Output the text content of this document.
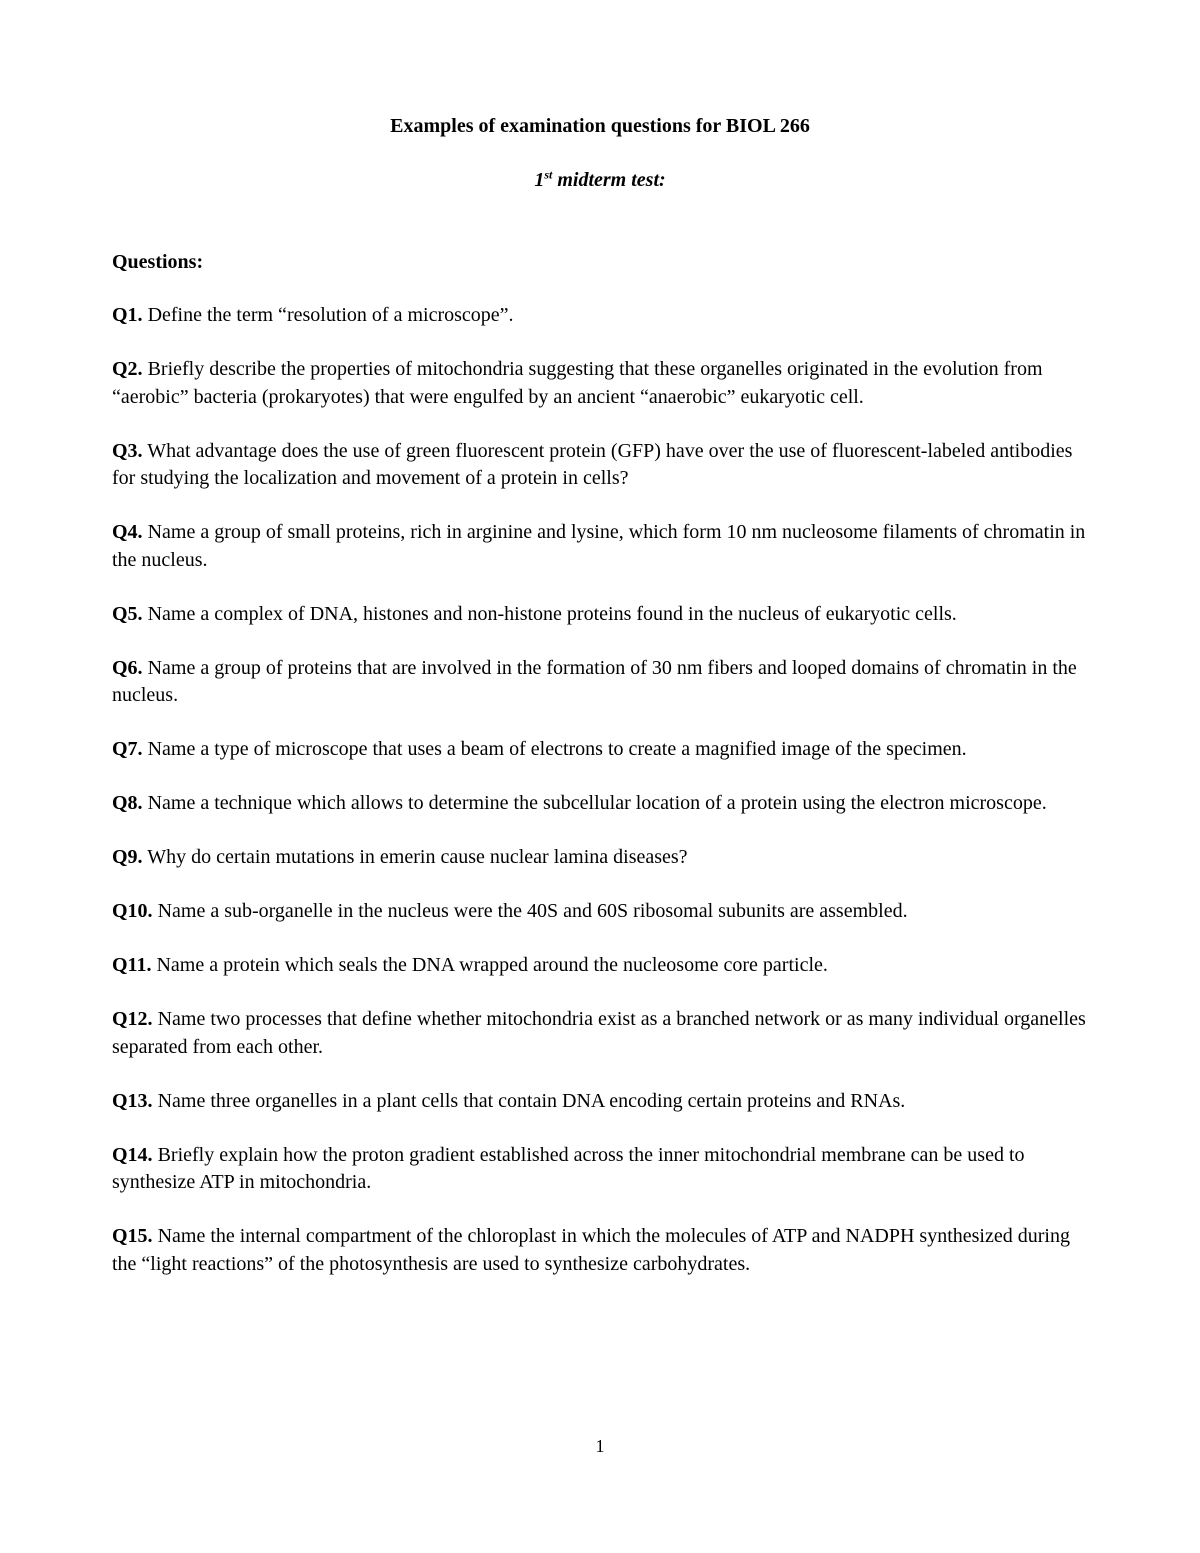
Examples of examination questions for BIOL 266
1st midterm test:
Questions:

Q1. Define the term “resolution of a microscope”.

Q2. Briefly describe the properties of mitochondria suggesting that these organelles originated in the evolution from “aerobic” bacteria (prokaryotes) that were engulfed by an ancient “anaerobic” eukaryotic cell.

Q3. What advantage does the use of green fluorescent protein (GFP) have over the use of fluorescent-labeled antibodies for studying the localization and movement of a protein in cells?

Q4. Name a group of small proteins, rich in arginine and lysine, which form 10 nm nucleosome filaments of chromatin in the nucleus.

Q5. Name a complex of DNA, histones and non-histone proteins found in the nucleus of eukaryotic cells.

Q6. Name a group of proteins that are involved in the formation of 30 nm fibers and looped domains of chromatin in the nucleus.

Q7. Name a type of microscope that uses a beam of electrons to create a magnified image of the specimen.

Q8. Name a technique which allows to determine the subcellular location of a protein using the electron microscope.

Q9. Why do certain mutations in emerin cause nuclear lamina diseases?

Q10. Name a sub-organelle in the nucleus were the 40S and 60S ribosomal subunits are assembled.

Q11. Name a protein which seals the DNA wrapped around the nucleosome core particle.

Q12. Name two processes that define whether mitochondria exist as a branched network or as many individual organelles separated from each other.

Q13. Name three organelles in a plant cells that contain DNA encoding certain proteins and RNAs.

Q14. Briefly explain how the proton gradient established across the inner mitochondrial membrane can be used to synthesize ATP in mitochondria.

Q15. Name the internal compartment of the chloroplast in which the molecules of ATP and NADPH synthesized during the “light reactions” of the photosynthesis are used to synthesize carbohydrates.

1
